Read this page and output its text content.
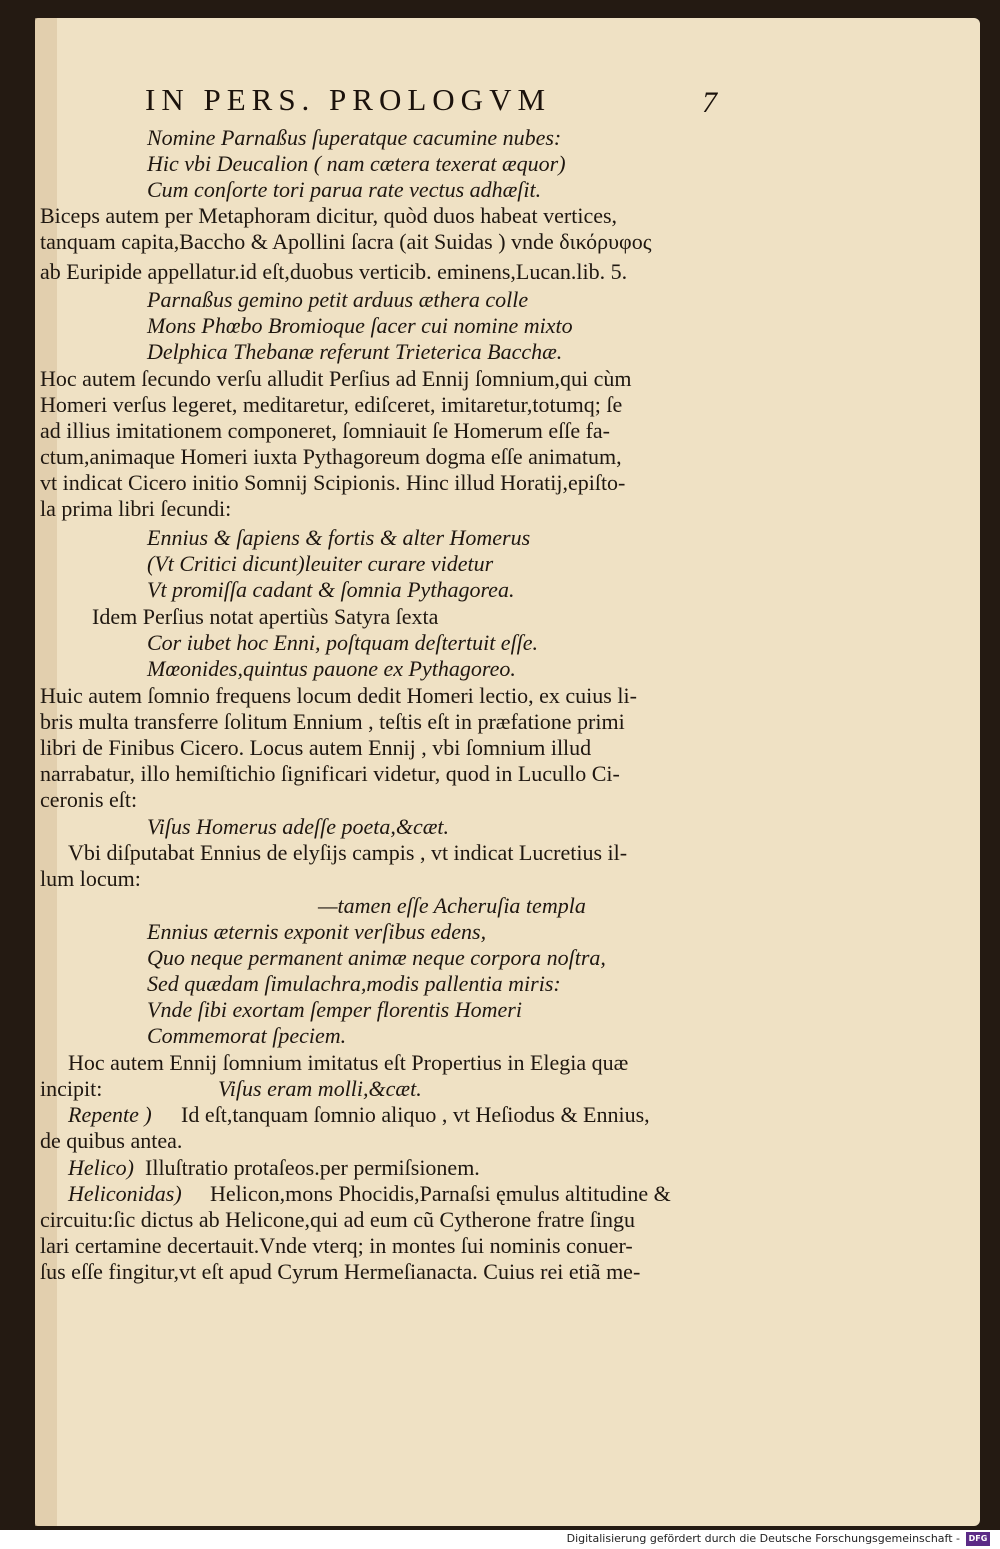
IN PERS. PROLOGVM	7
Nomine Parnaßus ſuperatque cacumine nubes:
Hic vbi Deucalion ( nam cætera texerat æquor)
Cum conſorte tori parua rate vectus adhæſit.
Biceps autem per Metaphoram dicitur, quòd duos habeat vertices,
tanquam capita,Baccho & Apollini ſacra (ait Suidas ) vnde δικόρυφος
ab Euripide appellatur.id eſt,duobus verticib. eminens,Lucan.lib. 5.
Parnaßus gemino petit arduus æthera colle
Mons Phœbo Bromioque ſacer cui nomine mixto
Delphica Thebanæ referunt Trieterica Bacchæ.
Hoc autem ſecundo verſu alludit Perſius ad Ennij ſomnium,qui cùm
Homeri verſus legeret, meditaretur, ediſceret, imitaretur,totumq; ſe
ad illius imitationem componeret, ſomniauit ſe Homerum eſſe fa-
ctum,animaque Homeri iuxta Pythagoreum dogma eſſe animatum,
vt indicat Cicero initio Somnij Scipionis. Hinc illud Horatij,epiſto-
la prima libri ſecundi:
Ennius & ſapiens & fortis & alter Homerus
(Vt Critici dicunt)leuiter curare videtur
Vt promiſſa cadant & ſomnia Pythagorea.
Idem Perſius notat apertiùs Satyra ſexta
Cor iubet hoc Enni, poſtquam deſtertuit eſſe.
Mœonides,quintus pauone ex Pythagoreo.
Huic autem ſomnio frequens locum dedit Homeri lectio, ex cuius li-
bris multa transferre ſolitum Ennium , teſtis eſt in præfatione primi
libri de Finibus Cicero. Locus autem Ennij , vbi ſomnium illud
narrabatur, illo hemiſtichio ſignificari videtur, quod in Lucullo Ci-
ceronis eſt:
Viſus Homerus adeſſe poeta,&cæt.
Vbi diſputabat Ennius de elyſijs campis , vt indicat Lucretius il-
lum locum:
—tamen eſſe Acheruſia templa
Ennius æternis exponit verſibus edens,
Quo neque permanent animæ neque corpora noſtra,
Sed quædam ſimulachra,modis pallentia miris:
Vnde ſibi exortam ſemper florentis Homeri
Commemorat ſpeciem.
Hoc autem Ennij ſomnium imitatus eſt Propertius in Elegia quæ
incipit:	Viſus eram molli,&cæt.
Repente ) Id eſt,tanquam ſomnio aliquo , vt Heſiodus & Ennius,
de quibus antea.
Helico) Illuſtratio protaſeos.per permiſsionem.
Heliconidas) Helicon,mons Phocidis,Parnaſsi ęmulus altitudine &
circuitu:ſic dictus ab Helicone,qui ad eum cũ Cytherone fratre ſingu
lari certamine decertauit.Vnde vterq; in montes ſui nominis conuer-
ſus eſſe fingitur,vt eſt apud Cyrum Hermeſianacta. Cuius rei etiã me-
Digitalisierung gefördert durch die Deutsche Forschungsgemeinschaft -	DFG
